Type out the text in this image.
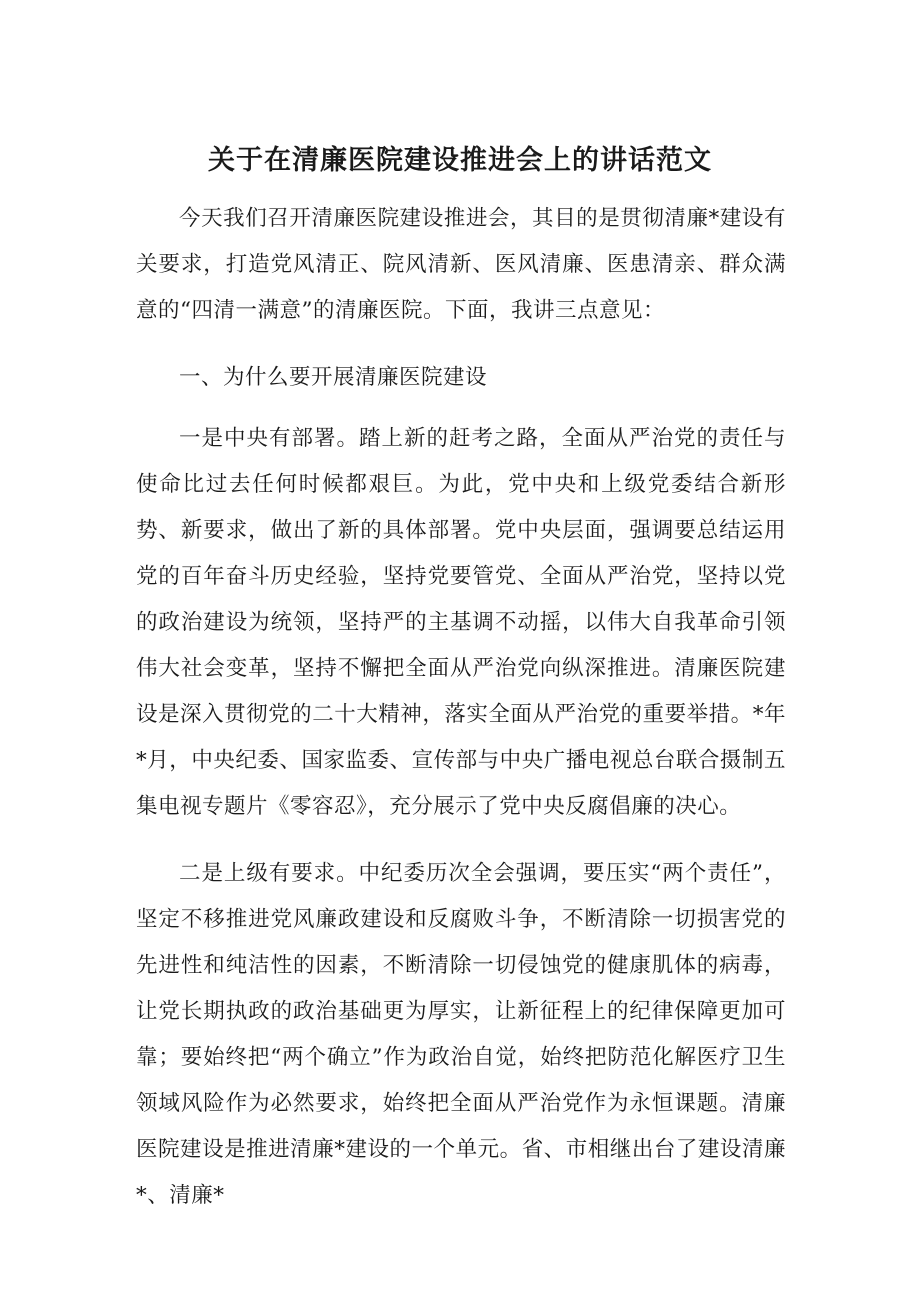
关于在清廉医院建设推进会上的讲话范文

今天我们召开清廉医院建设推进会，其目的是贯彻清廉*建设有关要求，打造党风清正、院风清新、医风清廉、医患清亲、群众满意的“四清一满意”的清廉医院。下面，我讲三点意见：

一、为什么要开展清廉医院建设

一是中央有部署。踏上新的赶考之路，全面从严治党的责任与使命比过去任何时候都艰巨。为此，党中央和上级党委结合新形势、新要求，做出了新的具体部署。党中央层面，强调要总结运用党的百年奋斗历史经验，坚持党要管党、全面从严治党，坚持以党的政治建设为统领，坚持严的主基调不动摇，以伟大自我革命引领伟大社会变革，坚持不懈把全面从严治党向纵深推进。清廉医院建设是深入贯彻党的二十大精神，落实全面从严治党的重要举措。*年*月，中央纪委、国家监委、宣传部与中央广播电视总台联合摄制五集电视专题片《零容忍》，充分展示了党中央反腐倡廉的决心。

二是上级有要求。中纪委历次全会强调，要压实“两个责任”，坚定不移推进党风廉政建设和反腐败斗争，不断清除一切损害党的先进性和纯洁性的因素，不断清除一切侵蚀党的健康肌体的病毒，让党长期执政的政治基础更为厚实，让新征程上的纪律保障更加可靠；要始终把“两个确立”作为政治自觉，始终把防范化解医疗卫生领域风险作为必然要求，始终把全面从严治党作为永恒课题。清廉医院建设是推进清廉*建设的一个单元。省、市相继出台了建设清廉*、清廉*
